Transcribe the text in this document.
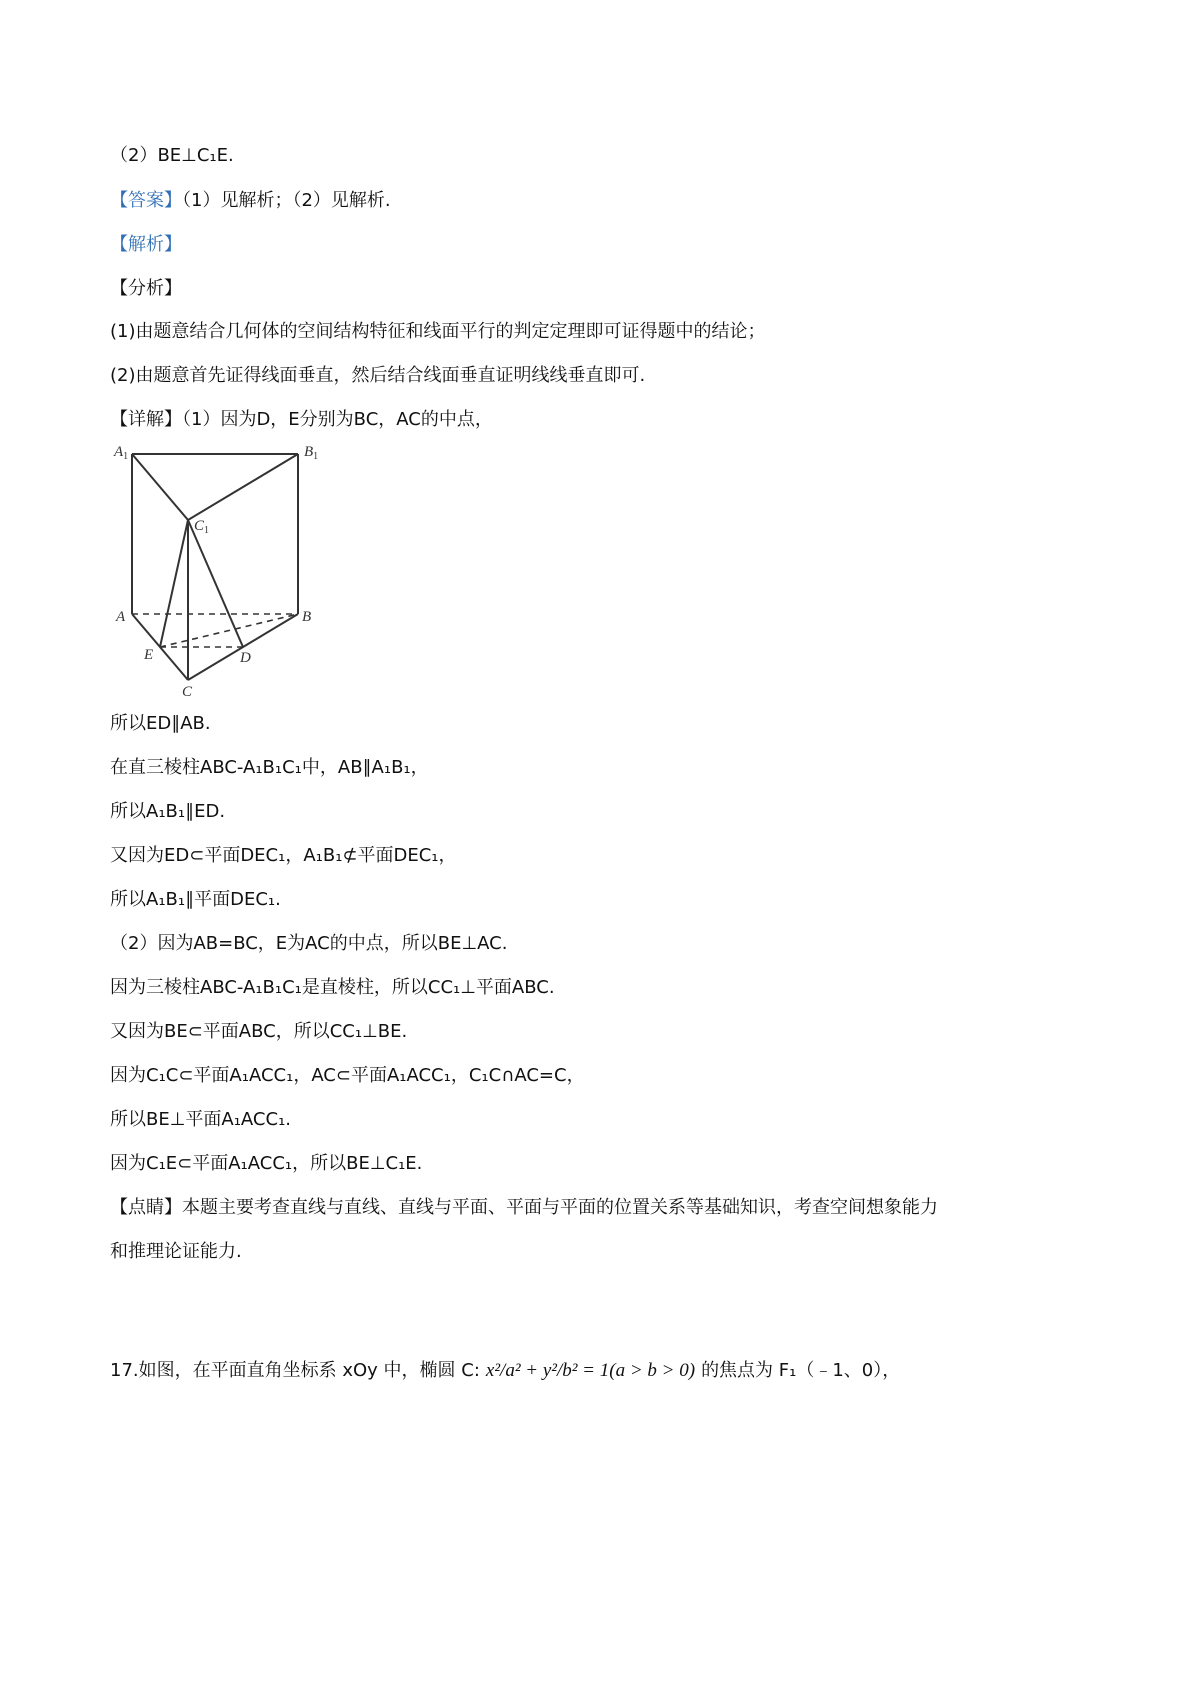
（2）BE⊥C₁E.
【答案】（1）见解析；（2）见解析.
【解析】
【分析】
(1)由题意结合几何体的空间结构特征和线面平行的判定定理即可证得题中的结论；
(2)由题意首先证得线面垂直，然后结合线面垂直证明线线垂直即可.
【详解】（1）因为D，E分别为BC，AC的中点，
$A_1$	$B_1$
$C_1$
A	B
E	D
C
所以ED∥AB.
在直三棱柱ABC-A₁B₁C₁中，AB∥A₁B₁，
所以A₁B₁∥ED.
又因为ED⊂平面DEC₁，A₁B₁⊄平面DEC₁，
所以A₁B₁∥平面DEC₁.
（2）因为AB=BC，E为AC的中点，所以BE⊥AC.
因为三棱柱ABC-A₁B₁C₁是直棱柱，所以CC₁⊥平面ABC.
又因为BE⊂平面ABC，所以CC₁⊥BE.
因为C₁C⊂平面A₁ACC₁，AC⊂平面A₁ACC₁，C₁C∩AC=C，
所以BE⊥平面A₁ACC₁.
因为C₁E⊂平面A₁ACC₁，所以BE⊥C₁E.
【点睛】本题主要考查直线与直线、直线与平面、平面与平面的位置关系等基础知识，考查空间想象能力
和推理论证能力.
17.如图，在平面直角坐标系 xOy 中，椭圆 C: x²/a² + y²/b² = 1(a > b > 0) 的焦点为 F₁（﹣1、0），
